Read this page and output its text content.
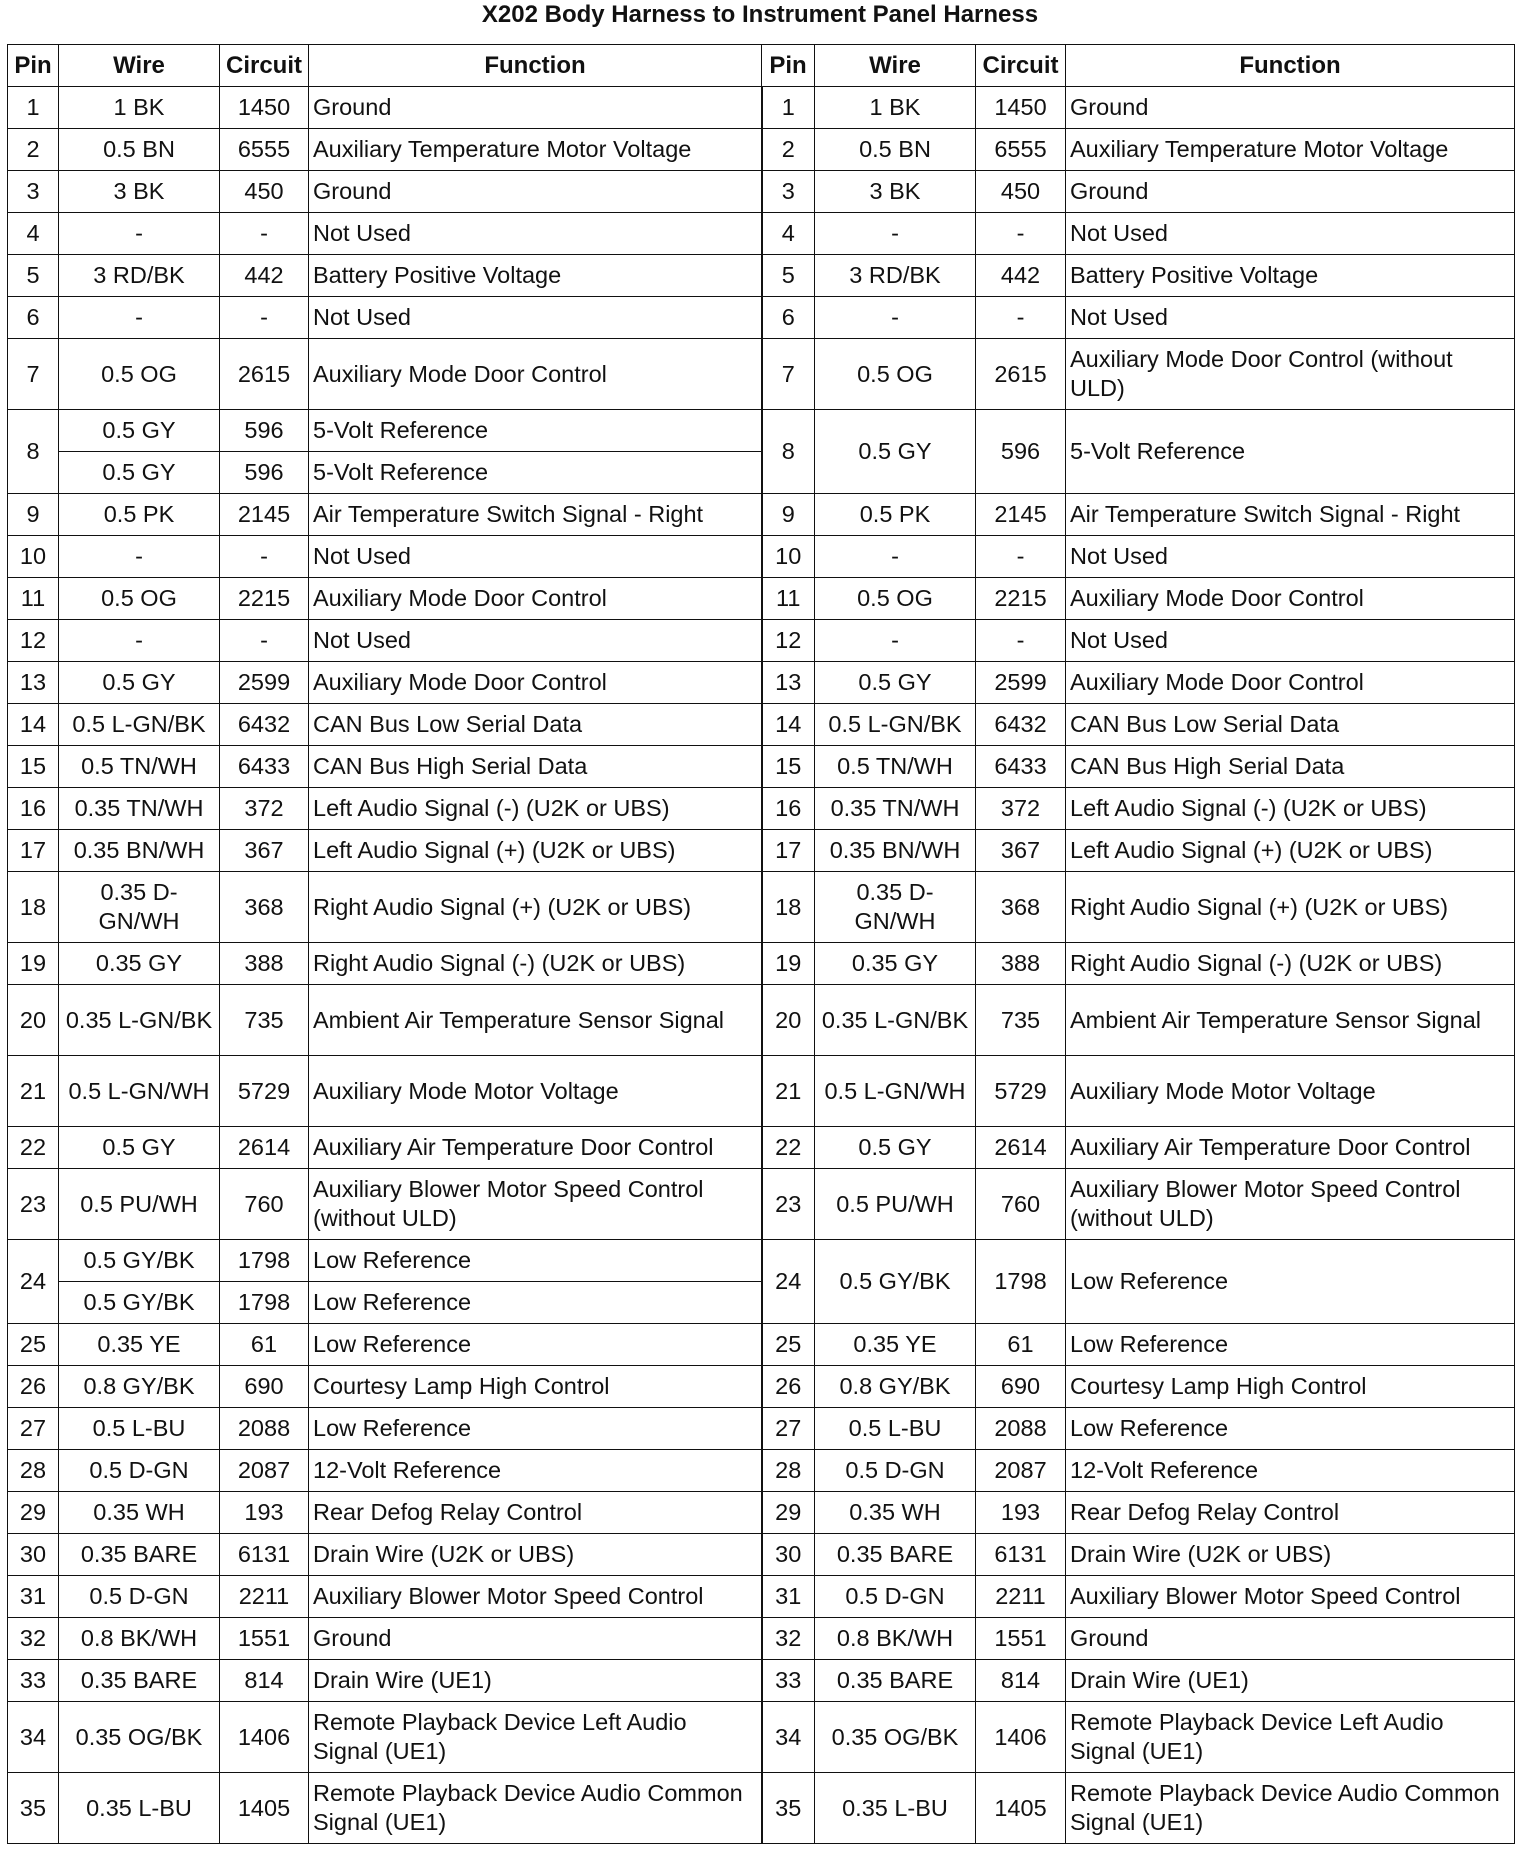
X202 Body Harness to Instrument Panel Harness
Pin	Wire	Circuit	Function	Pin	Wire	Circuit	Function
1	1 BK	1450	Ground	1	1 BK	1450	Ground
2	0.5 BN	6555	Auxiliary Temperature Motor Voltage	2	0.5 BN	6555	Auxiliary Temperature Motor Voltage
3	3 BK	450	Ground	3	3 BK	450	Ground
4	-	-	Not Used	4	-	-	Not Used
5	3 RD/BK	442	Battery Positive Voltage	5	3 RD/BK	442	Battery Positive Voltage
6	-	-	Not Used	6	-	-	Not Used
7	0.5 OG	2615	Auxiliary Mode Door Control	7	0.5 OG	2615	Auxiliary Mode Door Control (without ULD)
8	0.5 GY	596	5-Volt Reference	8	0.5 GY	596	5-Volt Reference
	0.5 GY	596	5-Volt Reference				
9	0.5 PK	2145	Air Temperature Switch Signal - Right	9	0.5 PK	2145	Air Temperature Switch Signal - Right
10	-	-	Not Used	10	-	-	Not Used
11	0.5 OG	2215	Auxiliary Mode Door Control	11	0.5 OG	2215	Auxiliary Mode Door Control
12	-	-	Not Used	12	-	-	Not Used
13	0.5 GY	2599	Auxiliary Mode Door Control	13	0.5 GY	2599	Auxiliary Mode Door Control
14	0.5 L-GN/BK	6432	CAN Bus Low Serial Data	14	0.5 L-GN/BK	6432	CAN Bus Low Serial Data
15	0.5 TN/WH	6433	CAN Bus High Serial Data	15	0.5 TN/WH	6433	CAN Bus High Serial Data
16	0.35 TN/WH	372	Left Audio Signal (-) (U2K or UBS)	16	0.35 TN/WH	372	Left Audio Signal (-) (U2K or UBS)
17	0.35 BN/WH	367	Left Audio Signal (+) (U2K or UBS)	17	0.35 BN/WH	367	Left Audio Signal (+) (U2K or UBS)
18	0.35 D-GN/WH	368	Right Audio Signal (+) (U2K or UBS)	18	0.35 D-GN/WH	368	Right Audio Signal (+) (U2K or UBS)
19	0.35 GY	388	Right Audio Signal (-) (U2K or UBS)	19	0.35 GY	388	Right Audio Signal (-) (U2K or UBS)
20	0.35 L-GN/BK	735	Ambient Air Temperature Sensor Signal	20	0.35 L-GN/BK	735	Ambient Air Temperature Sensor Signal
21	0.5 L-GN/WH	5729	Auxiliary Mode Motor Voltage	21	0.5 L-GN/WH	5729	Auxiliary Mode Motor Voltage
22	0.5 GY	2614	Auxiliary Air Temperature Door Control	22	0.5 GY	2614	Auxiliary Air Temperature Door Control
23	0.5 PU/WH	760	Auxiliary Blower Motor Speed Control (without ULD)	23	0.5 PU/WH	760	Auxiliary Blower Motor Speed Control (without ULD)
24	0.5 GY/BK	1798	Low Reference	24	0.5 GY/BK	1798	Low Reference
	0.5 GY/BK	1798	Low Reference				
25	0.35 YE	61	Low Reference	25	0.35 YE	61	Low Reference
26	0.8 GY/BK	690	Courtesy Lamp High Control	26	0.8 GY/BK	690	Courtesy Lamp High Control
27	0.5 L-BU	2088	Low Reference	27	0.5 L-BU	2088	Low Reference
28	0.5 D-GN	2087	12-Volt Reference	28	0.5 D-GN	2087	12-Volt Reference
29	0.35 WH	193	Rear Defog Relay Control	29	0.35 WH	193	Rear Defog Relay Control
30	0.35 BARE	6131	Drain Wire (U2K or UBS)	30	0.35 BARE	6131	Drain Wire (U2K or UBS)
31	0.5 D-GN	2211	Auxiliary Blower Motor Speed Control	31	0.5 D-GN	2211	Auxiliary Blower Motor Speed Control
32	0.8 BK/WH	1551	Ground	32	0.8 BK/WH	1551	Ground
33	0.35 BARE	814	Drain Wire (UE1)	33	0.35 BARE	814	Drain Wire (UE1)
34	0.35 OG/BK	1406	Remote Playback Device Left Audio Signal (UE1)	34	0.35 OG/BK	1406	Remote Playback Device Left Audio Signal (UE1)
35	0.35 L-BU	1405	Remote Playback Device Audio Common Signal (UE1)	35	0.35 L-BU	1405	Remote Playback Device Audio Common Signal (UE1)
